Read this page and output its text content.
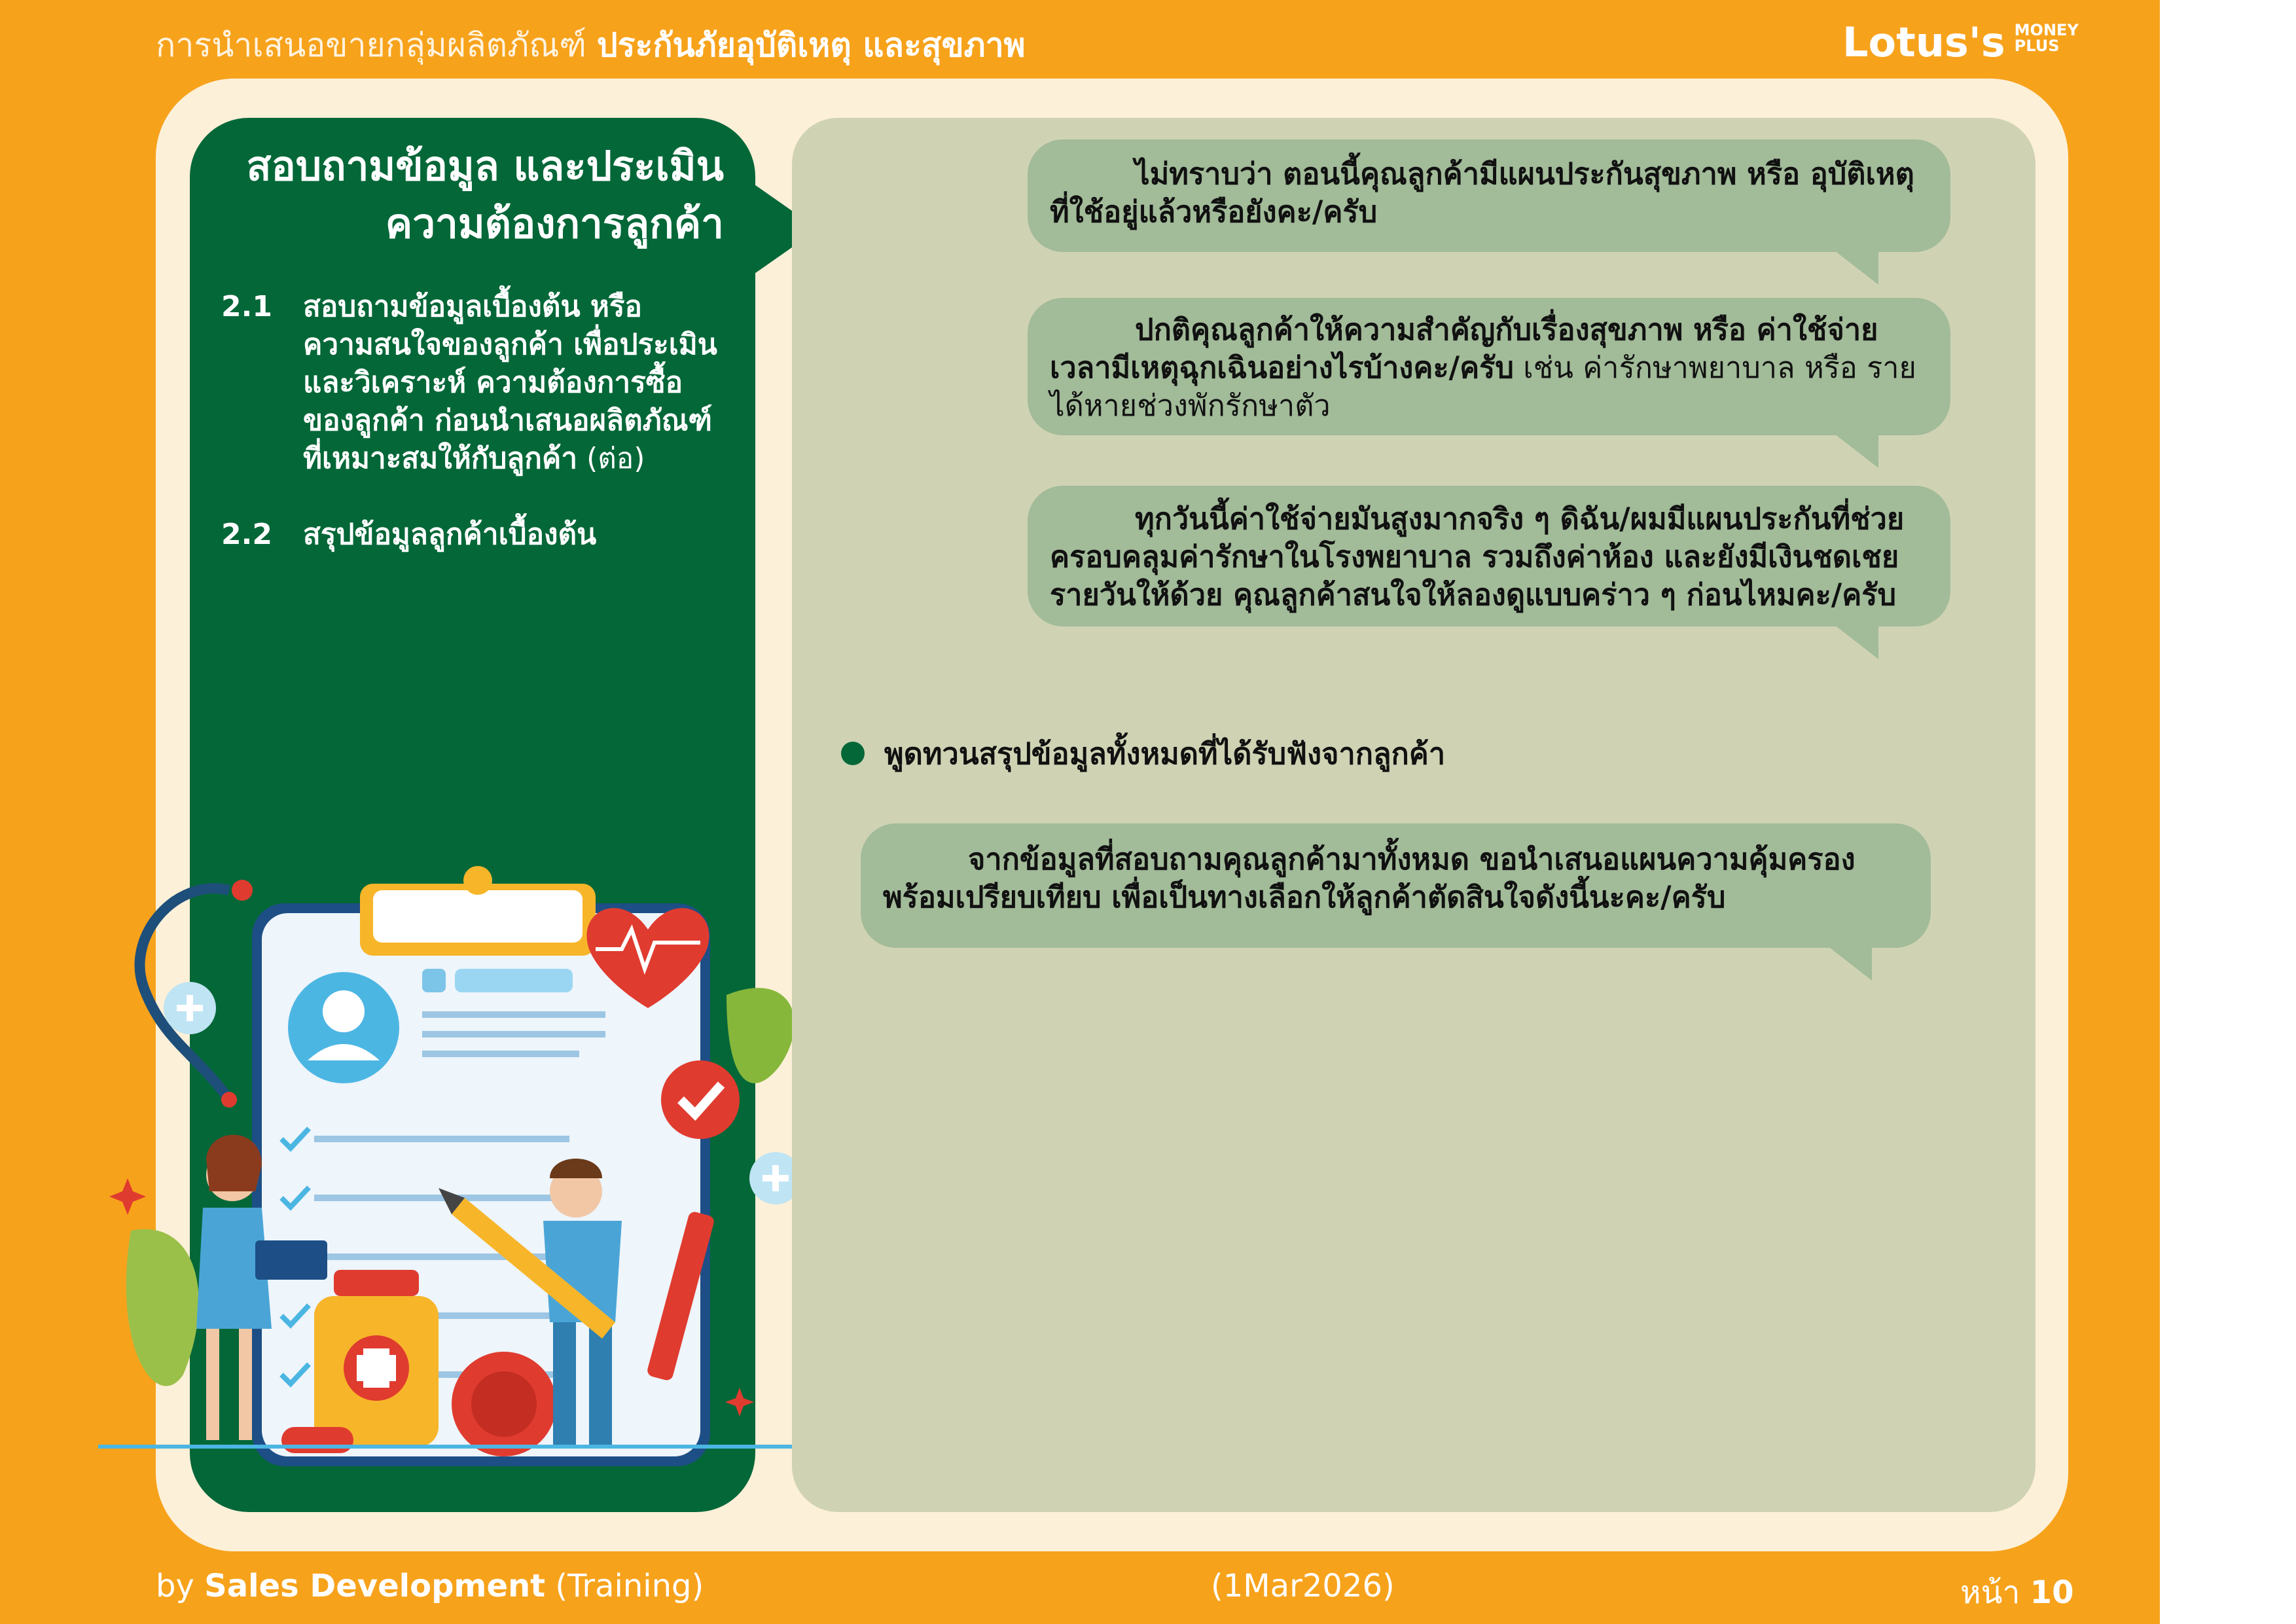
การนำเสนอขายกลุ่มผลิตภัณฑ์ ประกันภัยอุบัติเหตุ และสุขภาพ	Lotus's MONEY
PLUS
สอบถามข้อมูล และประเมิน
ความต้องการลูกค้า
2.1	สอบถามข้อมูลเบื้องต้น หรือ ความสนใจของลูกค้า เพื่อประเมิน และวิเคราะห์ ความต้องการซื้อของลูกค้า ก่อนนำเสนอผลิตภัณฑ์ ที่เหมาะสมให้กับลูกค้า (ต่อ)
2.2	สรุปข้อมูลลูกค้าเบื้องต้น

ไม่ทราบว่า ตอนนี้คุณลูกค้ามีแผนประกันสุขภาพ หรือ อุบัติเหตุ ที่ใช้อยู่แล้วหรือยังคะ/ครับ

ปกติคุณลูกค้าให้ความสำคัญกับเรื่องสุขภาพ หรือ ค่าใช้จ่าย เวลามีเหตุฉุกเฉินอย่างไรบ้างคะ/ครับ เช่น ค่ารักษาพยาบาล หรือ รายได้หายช่วงพักรักษาตัว

ทุกวันนี้ค่าใช้จ่ายมันสูงมากจริง ๆ ดิฉัน/ผมมีแผนประกันที่ช่วย ครอบคลุมค่ารักษาในโรงพยาบาล รวมถึงค่าห้อง และยังมีเงินชดเชย รายวันให้ด้วย คุณลูกค้าสนใจให้ลองดูแบบคร่าว ๆ ก่อนไหมคะ/ครับ

พูดทวนสรุปข้อมูลทั้งหมดที่ได้รับฟังจากลูกค้า

จากข้อมูลที่สอบถามคุณลูกค้ามาทั้งหมด ขอนำเสนอแผนความคุ้มครอง พร้อมเปรียบเทียบ เพื่อเป็นทางเลือกให้ลูกค้าตัดสินใจดังนี้นะคะ/ครับ

by Sales Development (Training)	(1Mar2026)	หน้า 10
